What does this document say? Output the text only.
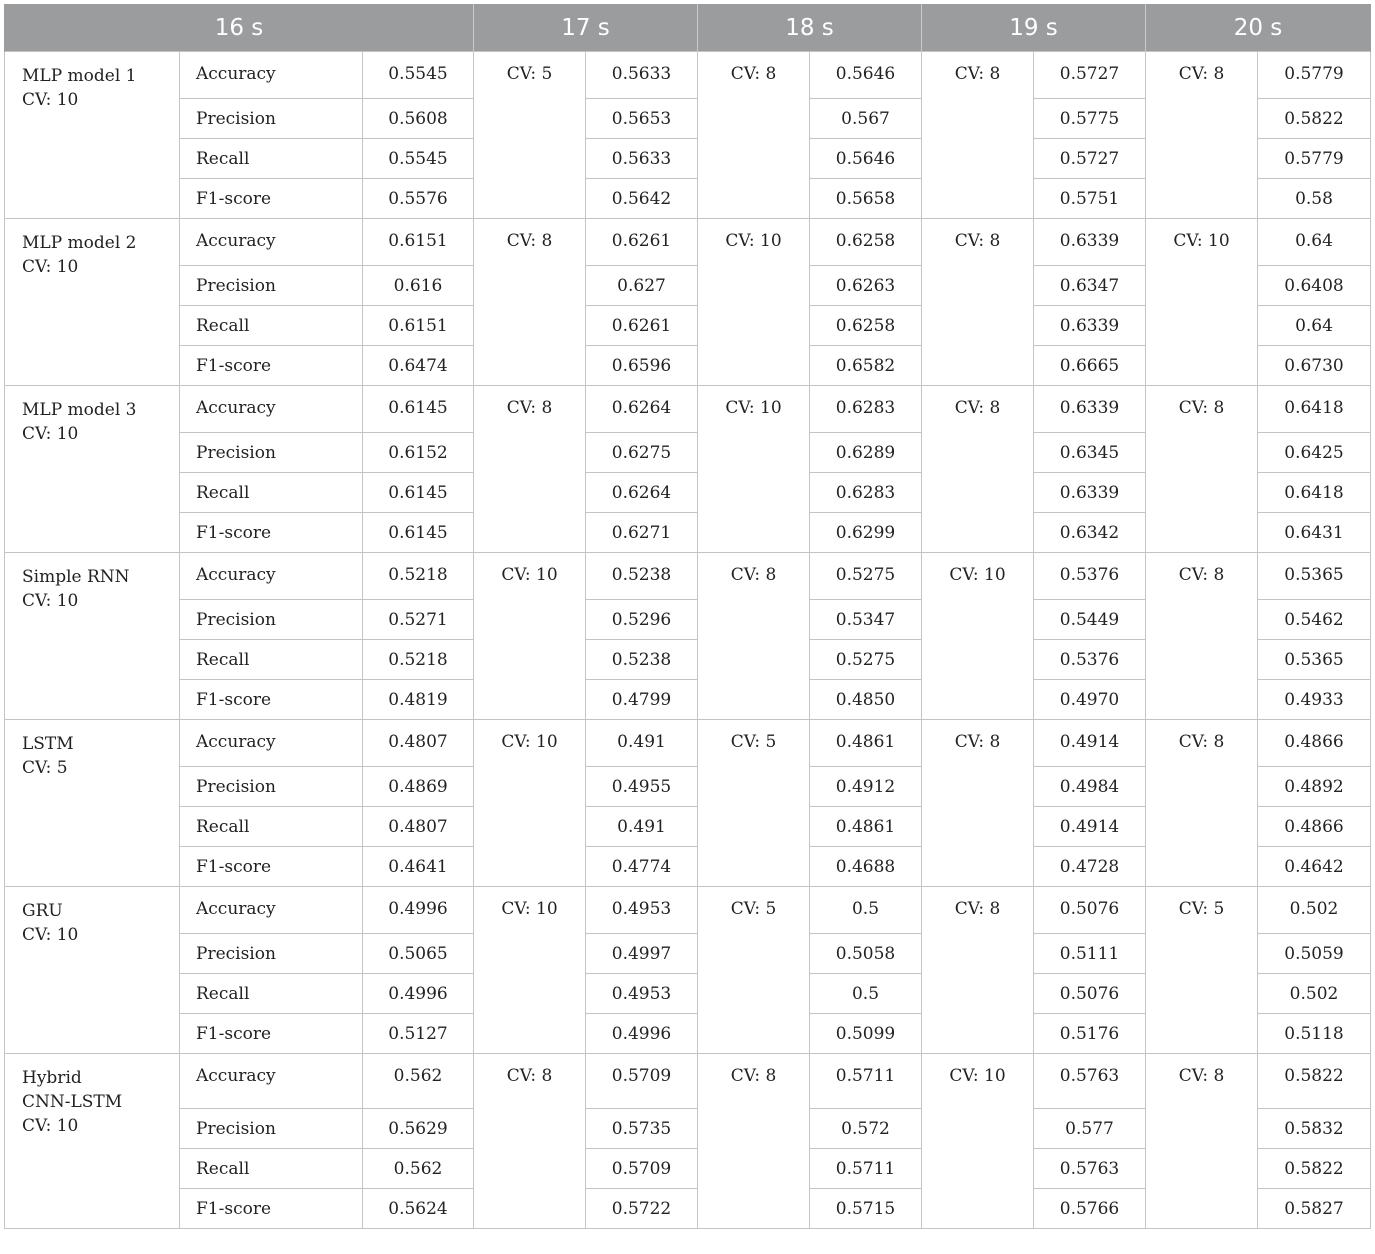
16 s			17 s		18 s		19 s		20 s	

MLP model 1
CV: 10	Accuracy	0.5545	CV: 5	0.5633	CV: 8	0.5646	CV: 8	0.5727	CV: 8	0.5779
	Precision	0.5608		0.5653		0.567		0.5775		0.5822
	Recall	0.5545		0.5633		0.5646		0.5727		0.5779
	F1-score	0.5576		0.5642		0.5658		0.5751		0.58

MLP model 2
CV: 10	Accuracy	0.6151	CV: 8	0.6261	CV: 10	0.6258	CV: 8	0.6339	CV: 10	0.64
	Precision	0.616		0.627		0.6263		0.6347		0.6408
	Recall	0.6151		0.6261		0.6258		0.6339		0.64
	F1-score	0.6474		0.6596		0.6582		0.6665		0.6730

MLP model 3
CV: 10	Accuracy	0.6145	CV: 8	0.6264	CV: 10	0.6283	CV: 8	0.6339	CV: 8	0.6418
	Precision	0.6152		0.6275		0.6289		0.6345		0.6425
	Recall	0.6145		0.6264		0.6283		0.6339		0.6418
	F1-score	0.6145		0.6271		0.6299		0.6342		0.6431

Simple RNN
CV: 10	Accuracy	0.5218	CV: 10	0.5238	CV: 8	0.5275	CV: 10	0.5376	CV: 8	0.5365
	Precision	0.5271		0.5296		0.5347		0.5449		0.5462
	Recall	0.5218		0.5238		0.5275		0.5376		0.5365
	F1-score	0.4819		0.4799		0.4850		0.4970		0.4933

LSTM
CV: 5	Accuracy	0.4807	CV: 10	0.491	CV: 5	0.4861	CV: 8	0.4914	CV: 8	0.4866
	Precision	0.4869		0.4955		0.4912		0.4984		0.4892
	Recall	0.4807		0.491		0.4861		0.4914		0.4866
	F1-score	0.4641		0.4774		0.4688		0.4728		0.4642

GRU
CV: 10	Accuracy	0.4996	CV: 10	0.4953	CV: 5	0.5	CV: 8	0.5076	CV: 5	0.502
	Precision	0.5065		0.4997		0.5058		0.5111		0.5059
	Recall	0.4996		0.4953		0.5		0.5076		0.502
	F1-score	0.5127		0.4996		0.5099		0.5176		0.5118

Hybrid
CNN-LSTM
CV: 10	Accuracy	0.562	CV: 8	0.5709	CV: 8	0.5711	CV: 10	0.5763	CV: 8	0.5822
	Precision	0.5629		0.5735		0.572		0.577		0.5832
	Recall	0.562		0.5709		0.5711		0.5763		0.5822
	F1-score	0.5624		0.5722		0.5715		0.5766		0.5827
